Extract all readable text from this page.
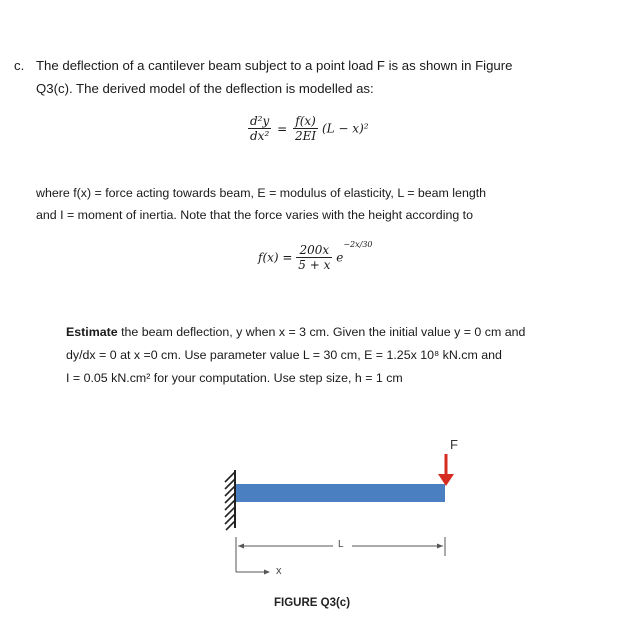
c. The deflection of a cantilever beam subject to a point load F is as shown in Figure
Q3(c). The derived model of the deflection is modelled as:
$\frac{\text{d²y}}{\text{dx²}} = \frac{f(x)}{2EI} (L - x)^2$
where f(x) = force acting towards beam, E = modulus of elasticity, L = beam length
and I = moment of inertia. Note that the force varies with the height according to
$f(x) = \frac{200x}{5 + x} e^{-2x/30}$
Estimate the beam deflection, y when x = 3 cm. Given the initial value y = 0 cm and
dy/dx = 0 at x =0 cm. Use parameter value L = 30 cm, E = 1.25x 10⁸ kN.cm and
I = 0.05 kN.cm² for your computation. Use step size, h = 1 cm
F
L
x
FIGURE Q3(c)
